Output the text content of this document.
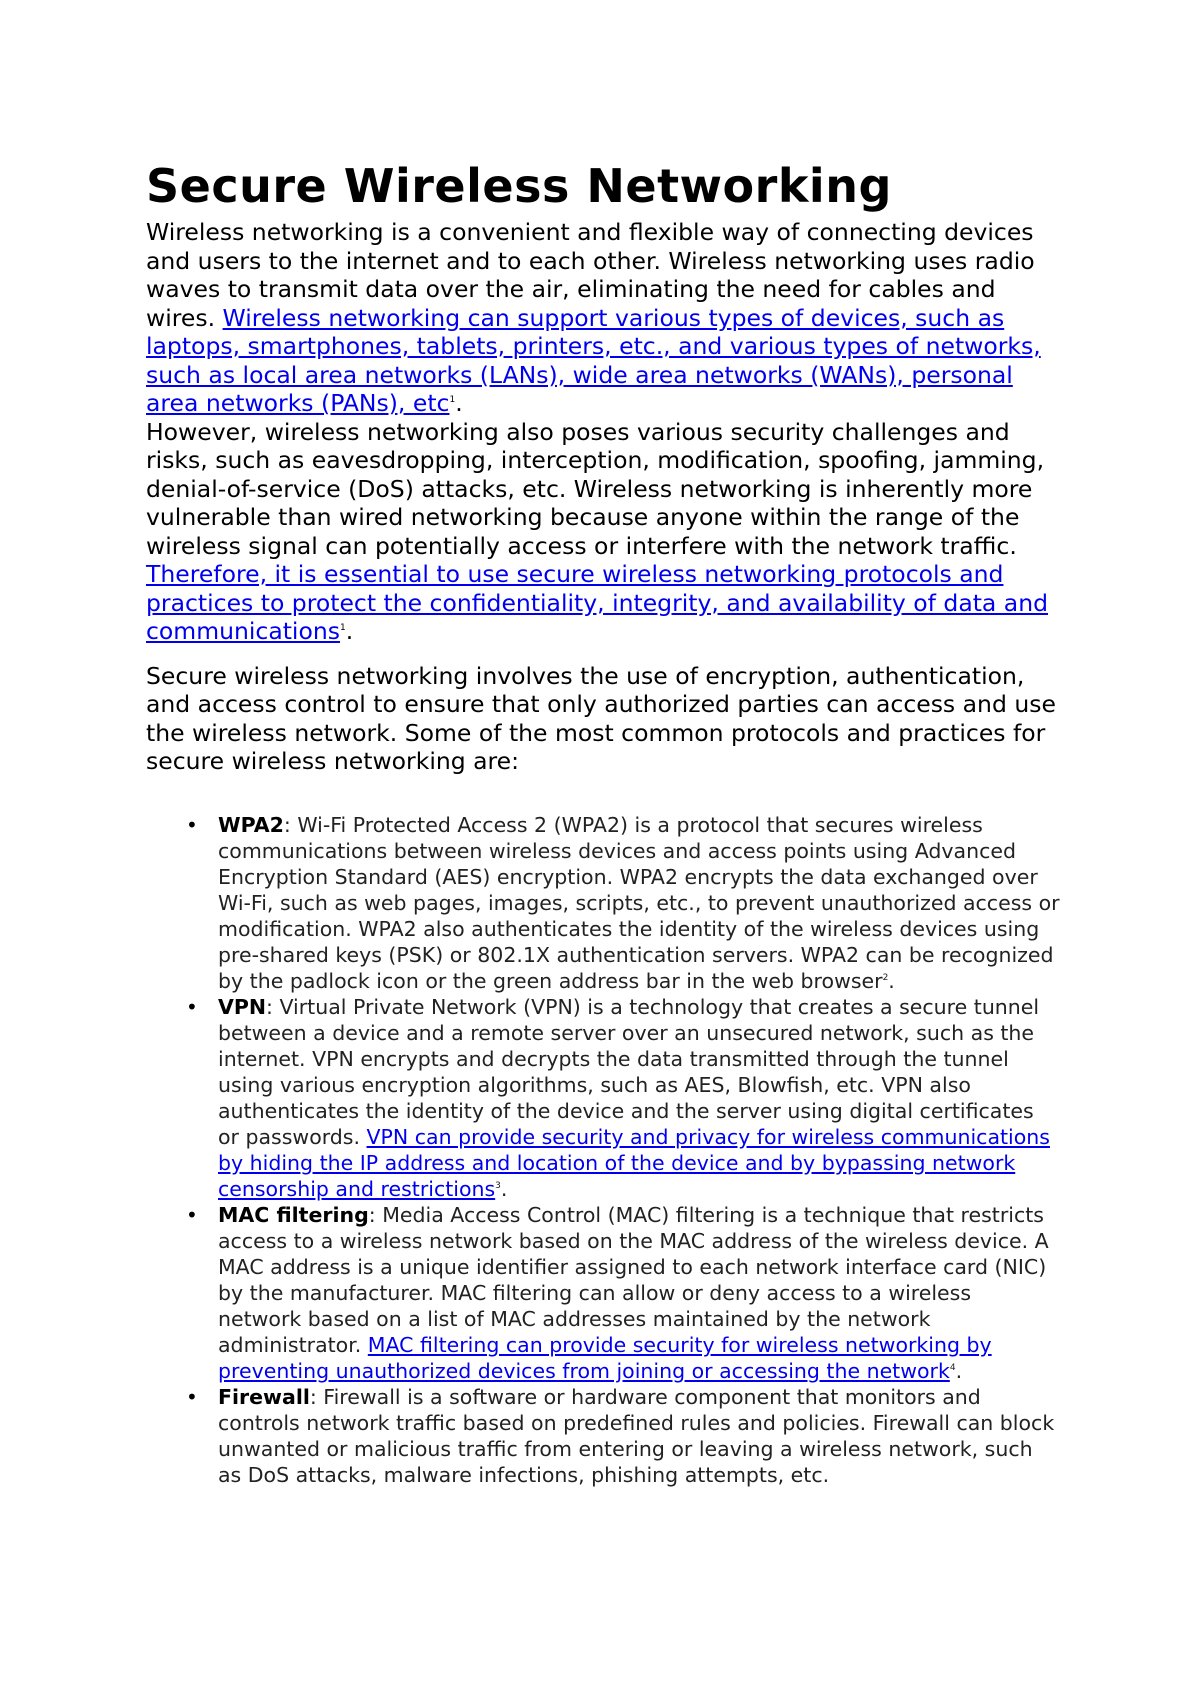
Secure Wireless Networking

Wireless networking is a convenient and flexible way of connecting devices and users to the internet and to each other. Wireless networking uses radio waves to transmit data over the air, eliminating the need for cables and wires. Wireless networking can support various types of devices, such as laptops, smartphones, tablets, printers, etc., and various types of networks, such as local area networks (LANs), wide area networks (WANs), personal area networks (PANs), etc$^1$.

However, wireless networking also poses various security challenges and risks, such as eavesdropping, interception, modification, spoofing, jamming, denial-of-service (DoS) attacks, etc. Wireless networking is inherently more vulnerable than wired networking because anyone within the range of the wireless signal can potentially access or interfere with the network traffic. Therefore, it is essential to use secure wireless networking protocols and practices to protect the confidentiality, integrity, and availability of data and communications$^1$.

Secure wireless networking involves the use of encryption, authentication, and access control to ensure that only authorized parties can access and use the wireless network. Some of the most common protocols and practices for secure wireless networking are:

• WPA2: Wi-Fi Protected Access 2 (WPA2) is a protocol that secures wireless communications between wireless devices and access points using Advanced Encryption Standard (AES) encryption. WPA2 encrypts the data exchanged over Wi-Fi, such as web pages, images, scripts, etc., to prevent unauthorized access or modification. WPA2 also authenticates the identity of the wireless devices using pre-shared keys (PSK) or 802.1X authentication servers. WPA2 can be recognized by the padlock icon or the green address bar in the web browser$^2$.
• VPN: Virtual Private Network (VPN) is a technology that creates a secure tunnel between a device and a remote server over an unsecured network, such as the internet. VPN encrypts and decrypts the data transmitted through the tunnel using various encryption algorithms, such as AES, Blowfish, etc. VPN also authenticates the identity of the device and the server using digital certificates or passwords. VPN can provide security and privacy for wireless communications by hiding the IP address and location of the device and by bypassing network censorship and restrictions$^3$.
• MAC filtering: Media Access Control (MAC) filtering is a technique that restricts access to a wireless network based on the MAC address of the wireless device. A MAC address is a unique identifier assigned to each network interface card (NIC) by the manufacturer. MAC filtering can allow or deny access to a wireless network based on a list of MAC addresses maintained by the network administrator. MAC filtering can provide security for wireless networking by preventing unauthorized devices from joining or accessing the network$^4$.
• Firewall: Firewall is a software or hardware component that monitors and controls network traffic based on predefined rules and policies. Firewall can block unwanted or malicious traffic from entering or leaving a wireless network, such as DoS attacks, malware infections, phishing attempts, etc.
